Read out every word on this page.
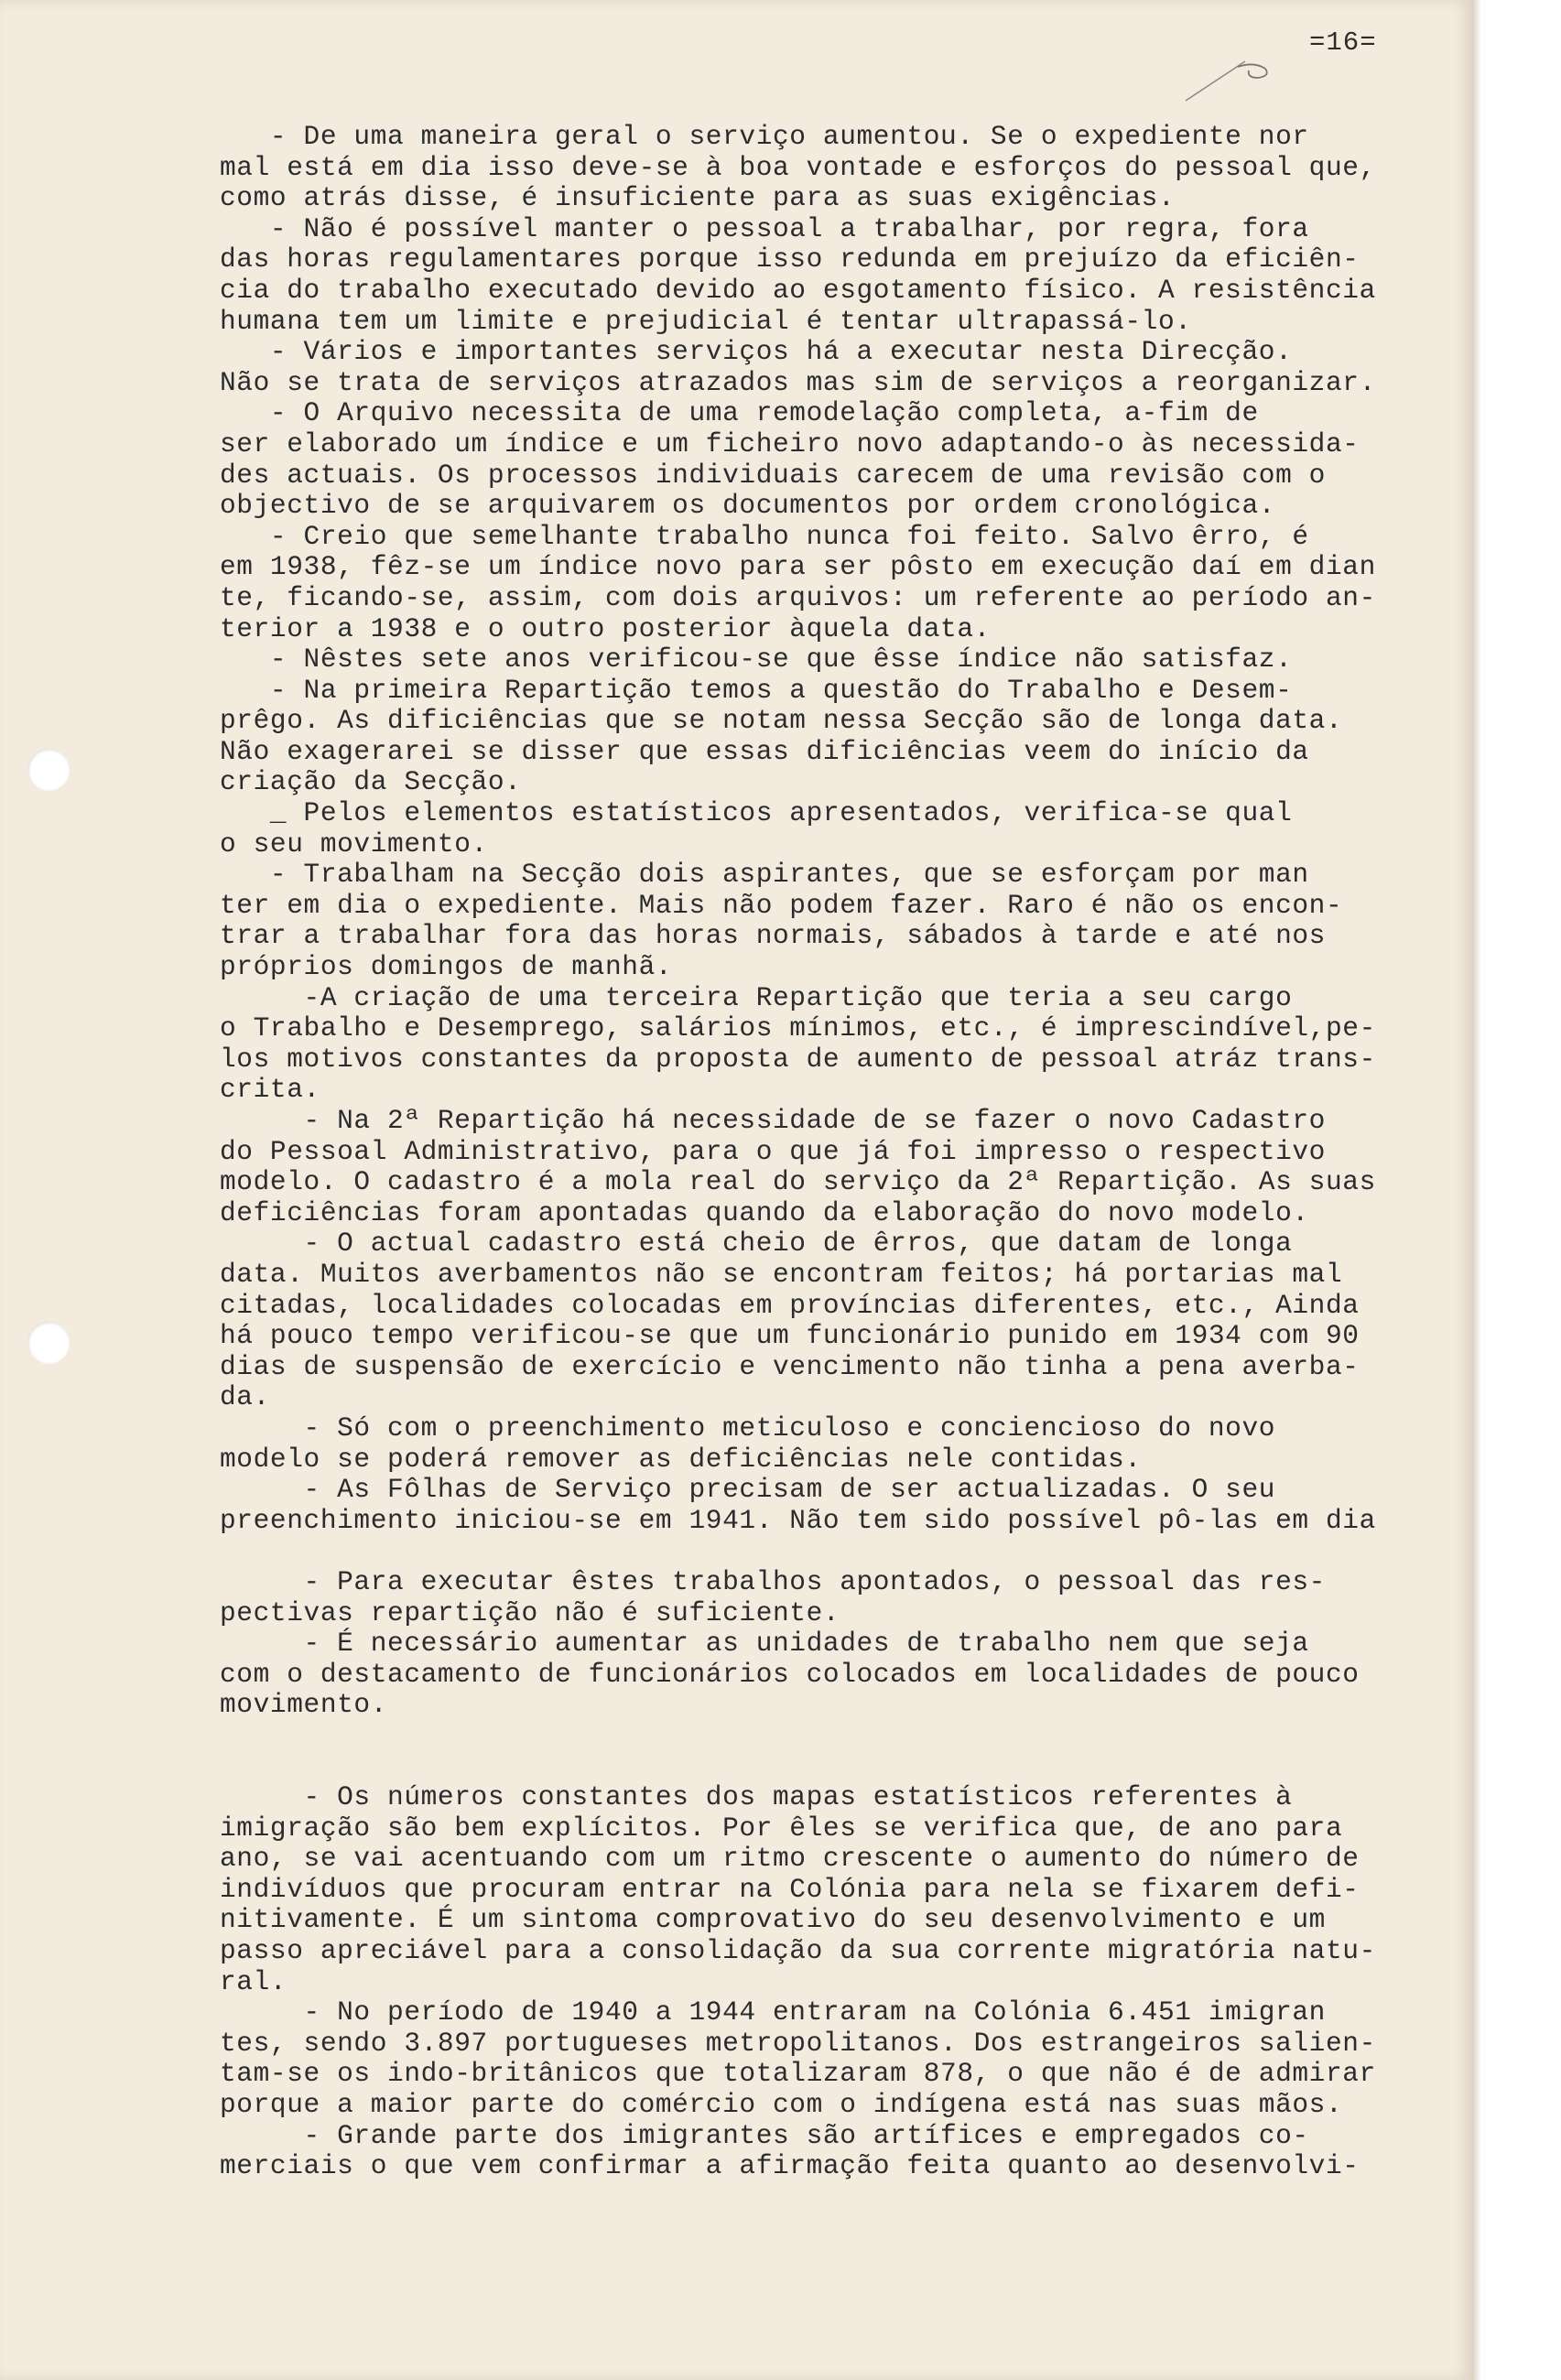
=16=
- De uma maneira geral o serviço aumentou. Se o expediente nor
mal está em dia isso deve-se à boa vontade e esforços do pessoal que,
como atrás disse, é insuficiente para as suas exigências.
- Não é possível manter o pessoal a trabalhar, por regra, fora
das horas regulamentares porque isso redunda em prejuízo da eficiên-
cia do trabalho executado devido ao esgotamento físico. A resistência
humana tem um limite e prejudicial é tentar ultrapassá-lo.
- Vários e importantes serviços há a executar nesta Direcção.
Não se trata de serviços atrazados mas sim de serviços a reorganizar.
- O Arquivo necessita de uma remodelação completa, a-fim de
ser elaborado um índice e um ficheiro novo adaptando-o às necessida-
des actuais. Os processos individuais carecem de uma revisão com o
objectivo de se arquivarem os documentos por ordem cronológica.
- Creio que semelhante trabalho nunca foi feito. Salvo êrro, é
em 1938, fêz-se um índice novo para ser pôsto em execução daí em dian
te, ficando-se, assim, com dois arquivos: um referente ao período an-
terior a 1938 e o outro posterior àquela data.
- Nêstes sete anos verificou-se que êsse índice não satisfaz.
- Na primeira Repartição temos a questão do Trabalho e Desem-
prêgo. As dificiências que se notam nessa Secção são de longa data.
Não exagerarei se disser que essas dificiências veem do início da
criação da Secção.
_ Pelos elementos estatísticos apresentados, verifica-se qual
o seu movimento.
- Trabalham na Secção dois aspirantes, que se esforçam por man
ter em dia o expediente. Mais não podem fazer. Raro é não os encon-
trar a trabalhar fora das horas normais, sábados à tarde e até nos
próprios domingos de manhã.
-A criação de uma terceira Repartição que teria a seu cargo
o Trabalho e Desemprego, salários mínimos, etc., é imprescindível,pe-
los motivos constantes da proposta de aumento de pessoal atráz trans-
crita.
- Na 2ª Repartição há necessidade de se fazer o novo Cadastro
do Pessoal Administrativo, para o que já foi impresso o respectivo
modelo. O cadastro é a mola real do serviço da 2ª Repartição. As suas
deficiências foram apontadas quando da elaboração do novo modelo.
- O actual cadastro está cheio de êrros, que datam de longa
data. Muitos averbamentos não se encontram feitos; há portarias mal
citadas, localidades colocadas em províncias diferentes, etc., Ainda
há pouco tempo verificou-se que um funcionário punido em 1934 com 90
dias de suspensão de exercício e vencimento não tinha a pena averba-
da.
- Só com o preenchimento meticuloso e conciencioso do novo
modelo se poderá remover as deficiências nele contidas.
- As Fôlhas de Serviço precisam de ser actualizadas. O seu
preenchimento iniciou-se em 1941. Não tem sido possível pô-las em dia
- Para executar êstes trabalhos apontados, o pessoal das res-
pectivas repartição não é suficiente.
- É necessário aumentar as unidades de trabalho nem que seja
com o destacamento de funcionários colocados em localidades de pouco
movimento.
- Os números constantes dos mapas estatísticos referentes à
imigração são bem explícitos. Por êles se verifica que, de ano para
ano, se vai acentuando com um ritmo crescente o aumento do número de
indivíduos que procuram entrar na Colónia para nela se fixarem defi-
nitivamente. É um sintoma comprovativo do seu desenvolvimento e um
passo apreciável para a consolidação da sua corrente migratória natu-
ral.
- No período de 1940 a 1944 entraram na Colónia 6.451 imigran
tes, sendo 3.897 portugueses metropolitanos. Dos estrangeiros salien-
tam-se os indo-britânicos que totalizaram 878, o que não é de admirar
porque a maior parte do comércio com o indígena está nas suas mãos.
- Grande parte dos imigrantes são artífices e empregados co-
merciais o que vem confirmar a afirmação feita quanto ao desenvolvi-
